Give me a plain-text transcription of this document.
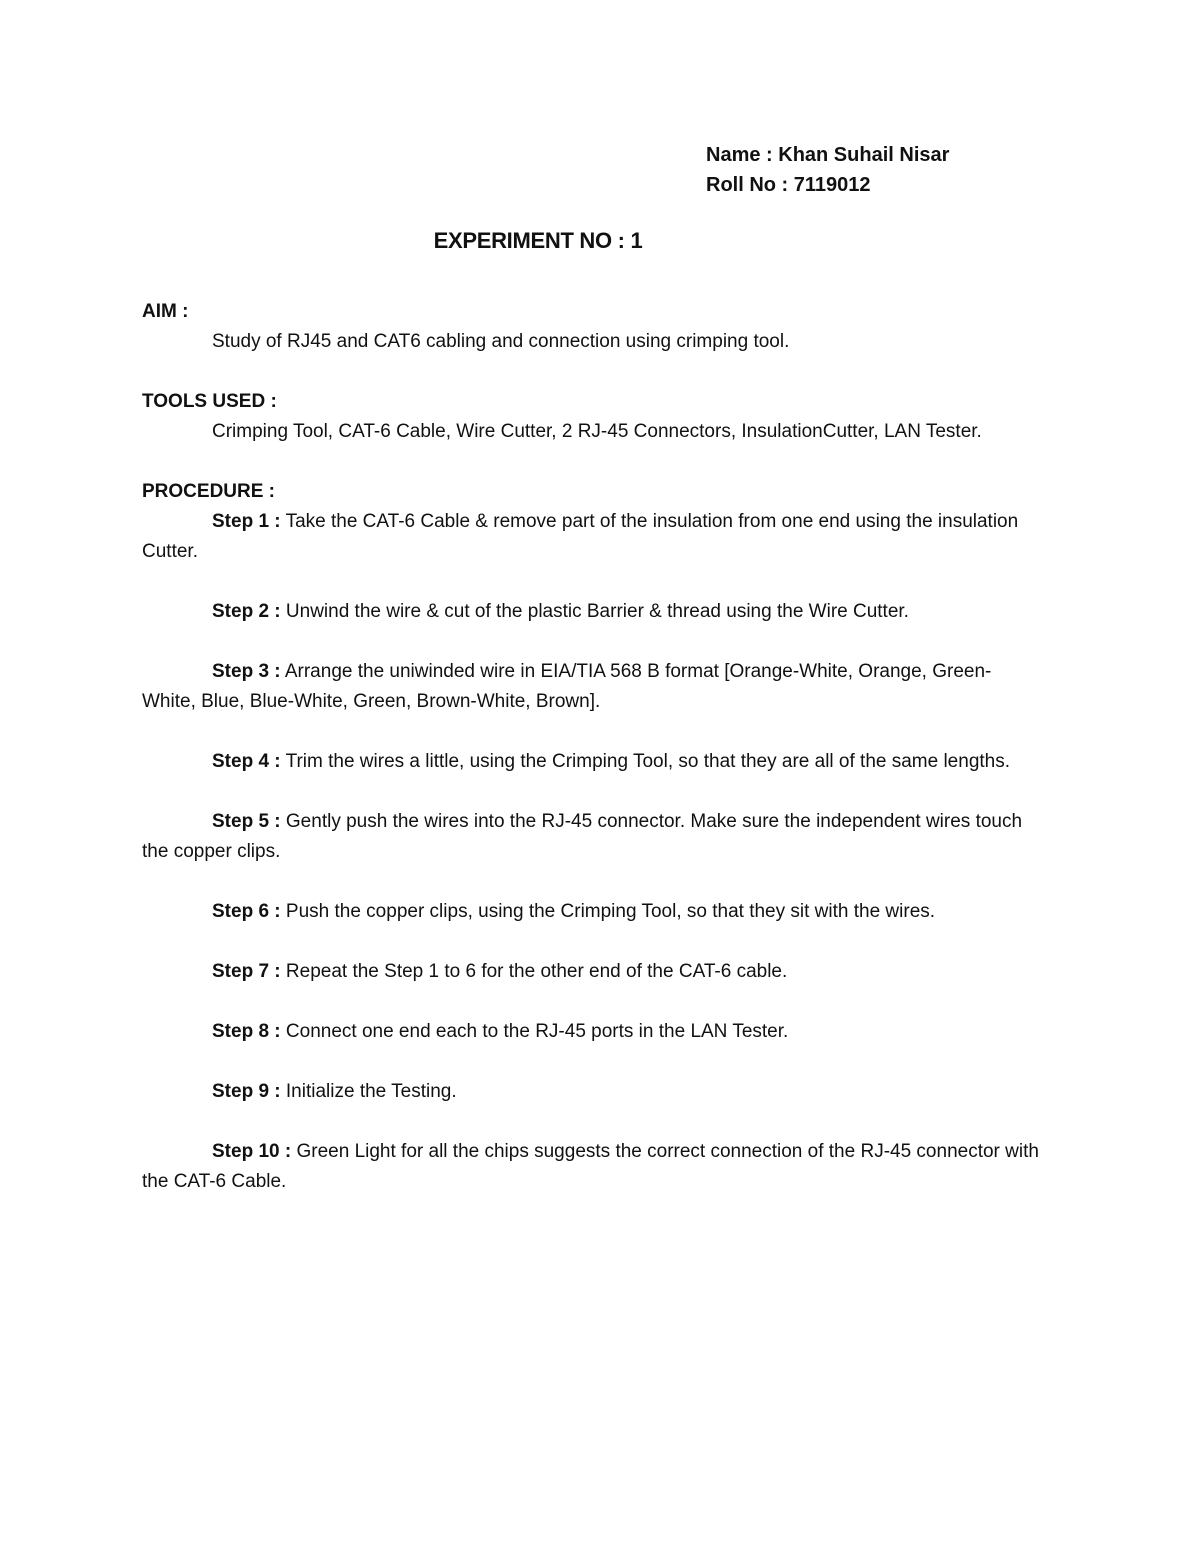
Name : Khan Suhail Nisar
Roll No : 7119012
EXPERIMENT NO : 1

AIM :

Study of RJ45 and CAT6 cabling and connection using crimping tool.

TOOLS USED :

Crimping Tool, CAT-6 Cable, Wire Cutter, 2 RJ-45 Connectors, InsulationCutter, LAN Tester.

PROCEDURE :

Step 1 : Take the CAT-6 Cable & remove part of the insulation from one end using the insulation Cutter.

Step 2 : Unwind the wire & cut of the plastic Barrier & thread using the Wire Cutter.

Step 3 : Arrange the uniwinded wire in EIA/TIA 568 B format [Orange-White, Orange, Green-White, Blue, Blue-White, Green, Brown-White, Brown].

Step 4 : Trim the wires a little, using the Crimping Tool, so that they are all of the same lengths.

Step 5 : Gently push the wires into the RJ-45 connector. Make sure the independent wires touch the copper clips.

Step 6 : Push the copper clips, using the Crimping Tool, so that they sit with the wires.

Step 7 : Repeat the Step 1 to 6 for the other end of the CAT-6 cable.

Step 8 : Connect one end each to the RJ-45 ports in the LAN Tester.

Step 9 : Initialize the Testing.

Step 10 : Green Light for all the chips suggests the correct connection of the RJ-45 connector with the CAT-6 Cable.
